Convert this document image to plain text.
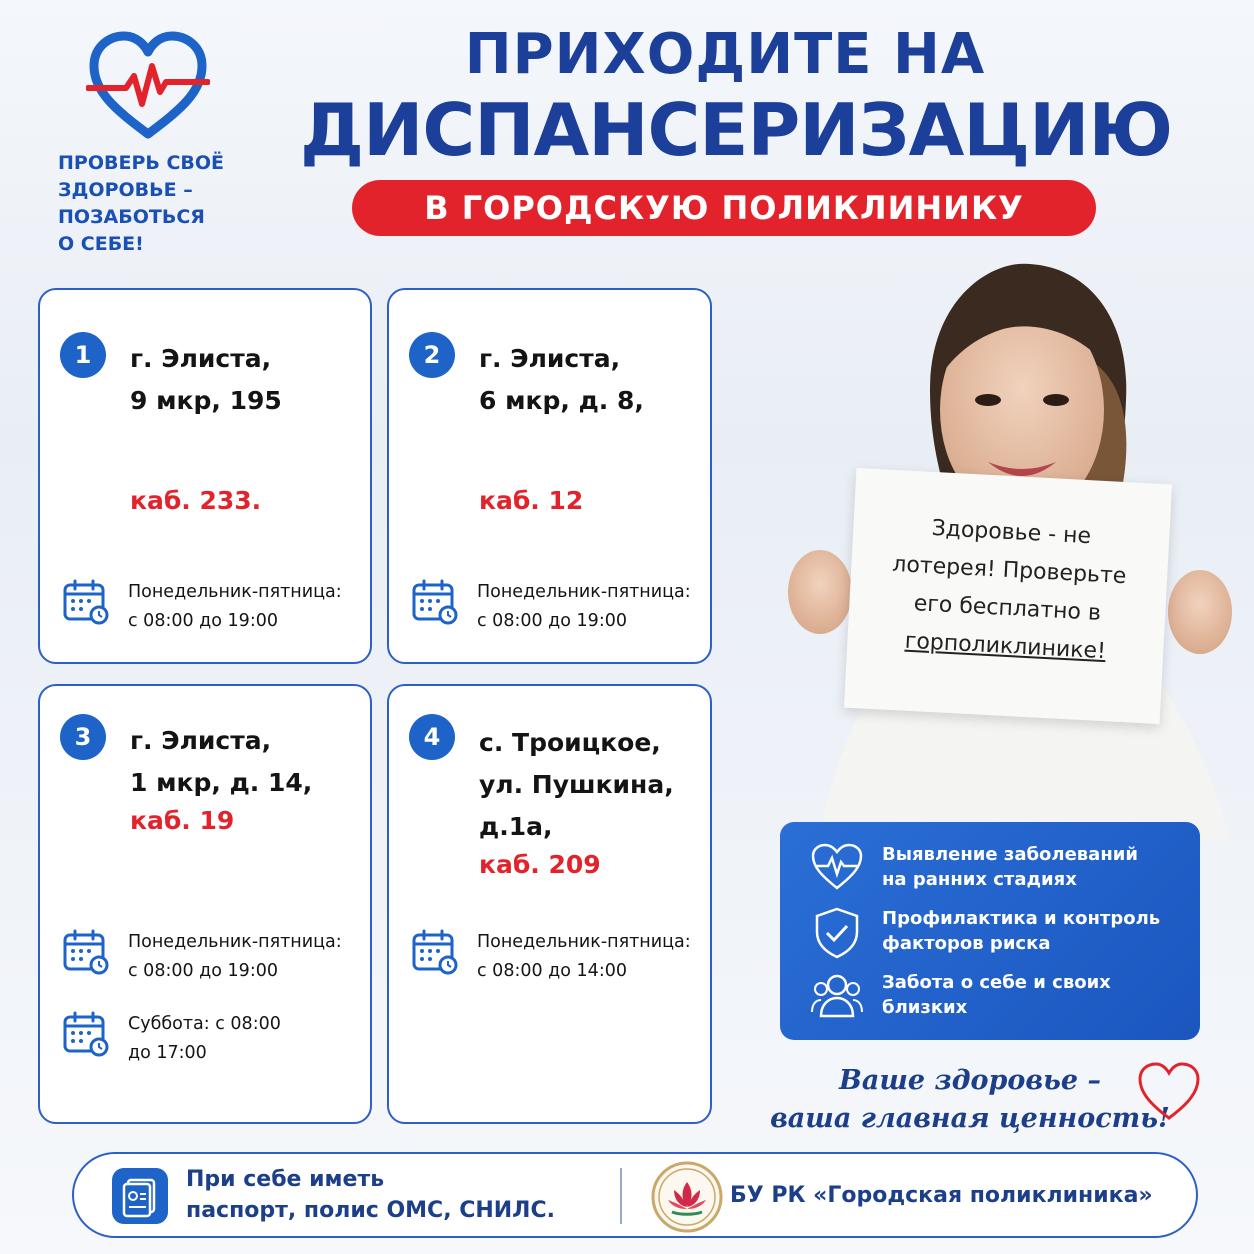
ПРОВЕРЬ СВОЁ
ЗДОРОВЬЕ –
ПОЗАБОТЬСЯ
О СЕБЕ!
ПРИХОДИТЕ НА
ДИСПАНСЕРИЗАЦИЮ
В ГОРОДСКУЮ ПОЛИКЛИНИКУ
1	г. Элиста,
9 мкр, 195
каб. 233.
Понедельник-пятница:
с 08:00 до 19:00
2	г. Элиста,
6 мкр, д. 8,
каб. 12
Понедельник-пятница:
с 08:00 до 19:00
3	г. Элиста,
1 мкр, д. 14,
каб. 19
Понедельник-пятница:
с 08:00 до 19:00
Суббота: с 08:00
до 17:00
4	с. Троицкое,
ул. Пушкина,
д.1а,
каб. 209
Понедельник-пятница:
с 08:00 до 14:00
Здоровье - не
лотерея! Проверьте
его бесплатно в
горполиклинике!
Выявление заболеваний
на ранних стадиях
Профилактика и контроль
факторов риска
Забота о себе и своих
близких
Ваше здоровье –
ваша главная ценность!
При себе иметь
паспорт, полис ОМС, СНИЛС.
БУ РК «Городская поликлиника»
